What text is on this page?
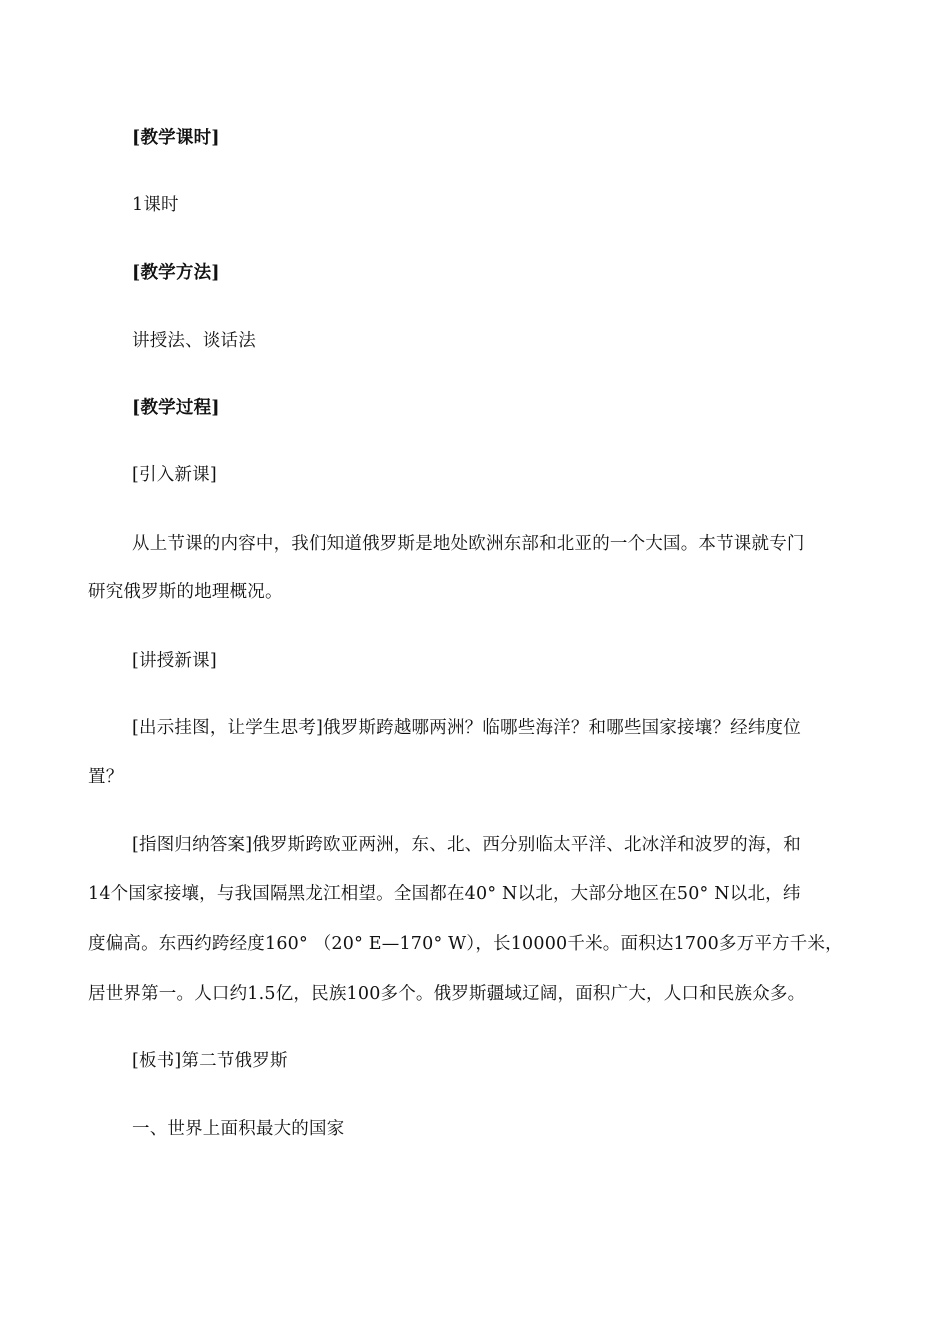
[教学课时]
1课时
[教学方法]
讲授法、谈话法
[教学过程]
[引入新课]
从上节课的内容中，我们知道俄罗斯是地处欧洲东部和北亚的一个大国。本节课就专门
研究俄罗斯的地理概况。
[讲授新课]
[出示挂图，让学生思考]俄罗斯跨越哪两洲？临哪些海洋？和哪些国家接壤？经纬度位
置？
[指图归纳答案]俄罗斯跨欧亚两洲，东、北、西分别临太平洋、北冰洋和波罗的海，和
14个国家接壤，与我国隔黑龙江相望。全国都在40° N以北，大部分地区在50° N以北，纬
度偏高。东西约跨经度160° （20° E—170° W），长10000千米。面积达1700多万平方千米，
居世界第一。人口约1.5亿，民族100多个。俄罗斯疆域辽阔，面积广大，人口和民族众多。
[板书]第二节俄罗斯
一、世界上面积最大的国家
